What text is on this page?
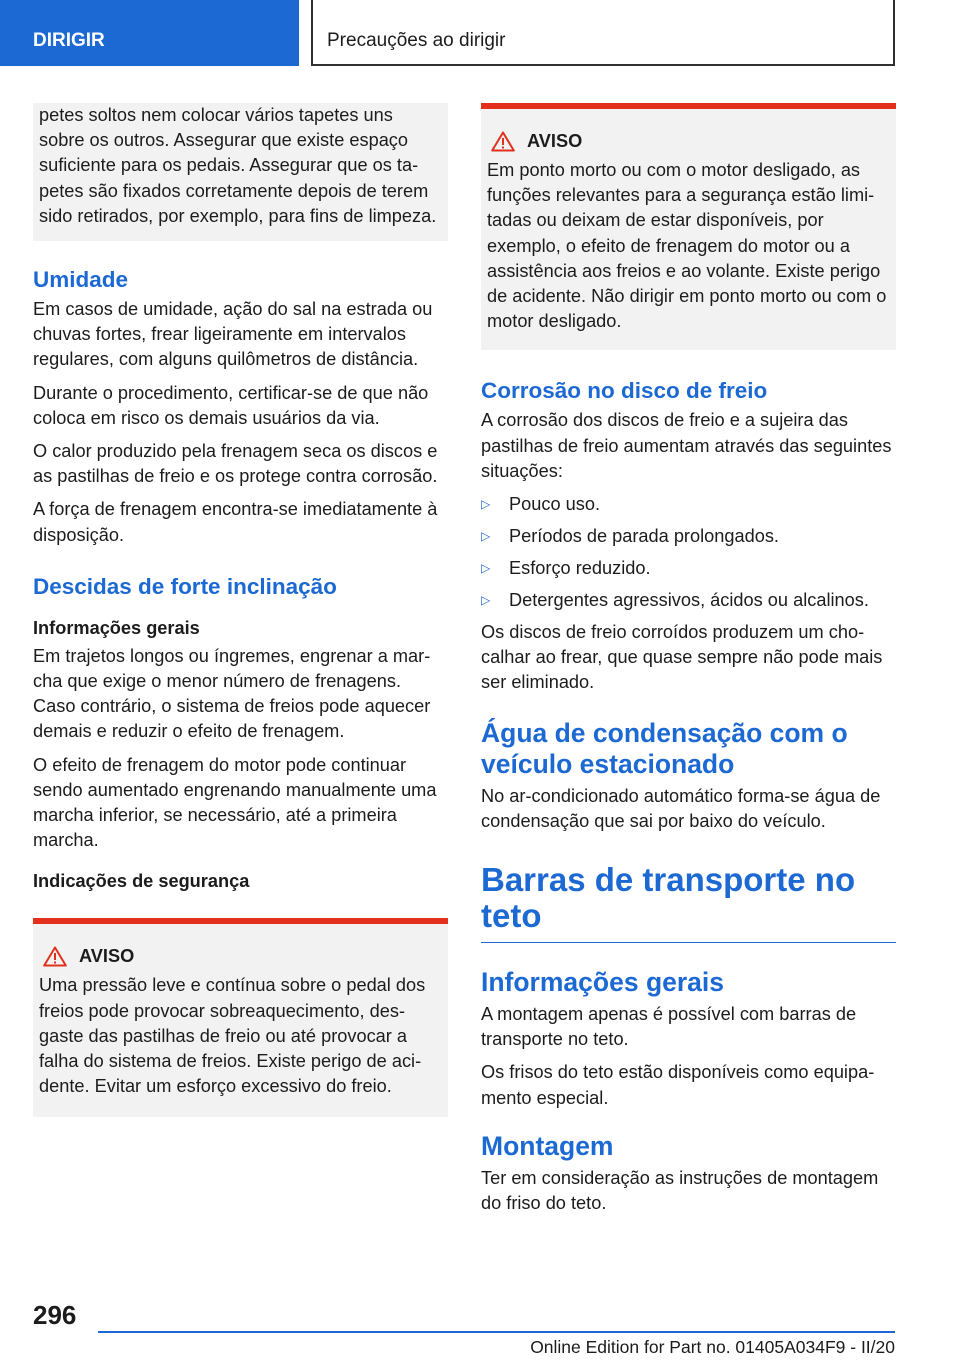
DIRIGIR	Precauções ao dirigir
petes soltos nem colocar vários tapetes uns sobre os outros. Assegurar que existe espaço suficiente para os pedais. Assegurar que os tapetes são fixados corretamente depois de terem sido retirados, por exemplo, para fins de limpeza.
Umidade
Em casos de umidade, ação do sal na estrada ou chuvas fortes, frear ligeiramente em intervalos regulares, com alguns quilômetros de distância.
Durante o procedimento, certificar-se de que não coloca em risco os demais usuários da via.
O calor produzido pela frenagem seca os discos e as pastilhas de freio e os protege contra corrosão.
A força de frenagem encontra-se imediatamente à disposição.
Descidas de forte inclinação
Informações gerais
Em trajetos longos ou íngremes, engrenar a marcha que exige o menor número de frenagens. Caso contrário, o sistema de freios pode aquecer demais e reduzir o efeito de frenagem.
O efeito de frenagem do motor pode continuar sendo aumentado engrenando manualmente uma marcha inferior, se necessário, até a primeira marcha.
Indicações de segurança
AVISO
Uma pressão leve e contínua sobre o pedal dos freios pode provocar sobreaquecimento, desgaste das pastilhas de freio ou até provocar a falha do sistema de freios. Existe perigo de acidente. Evitar um esforço excessivo do freio.
AVISO
Em ponto morto ou com o motor desligado, as funções relevantes para a segurança estão limitadas ou deixam de estar disponíveis, por exemplo, o efeito de frenagem do motor ou a assistência aos freios e ao volante. Existe perigo de acidente. Não dirigir em ponto morto ou com o motor desligado.
Corrosão no disco de freio
A corrosão dos discos de freio e a sujeira das pastilhas de freio aumentam através das seguintes situações:
▷	Pouco uso.
▷	Períodos de parada prolongados.
▷	Esforço reduzido.
▷	Detergentes agressivos, ácidos ou alcalinos.
Os discos de freio corroídos produzem um chocalhar ao frear, que quase sempre não pode mais ser eliminado.
Água de condensação com o veículo estacionado
No ar-condicionado automático forma-se água de condensação que sai por baixo do veículo.
Barras de transporte no teto
Informações gerais
A montagem apenas é possível com barras de transporte no teto.
Os frisos do teto estão disponíveis como equipamento especial.
Montagem
Ter em consideração as instruções de montagem do friso do teto.
296
Online Edition for Part no. 01405A034F9 - II/20
